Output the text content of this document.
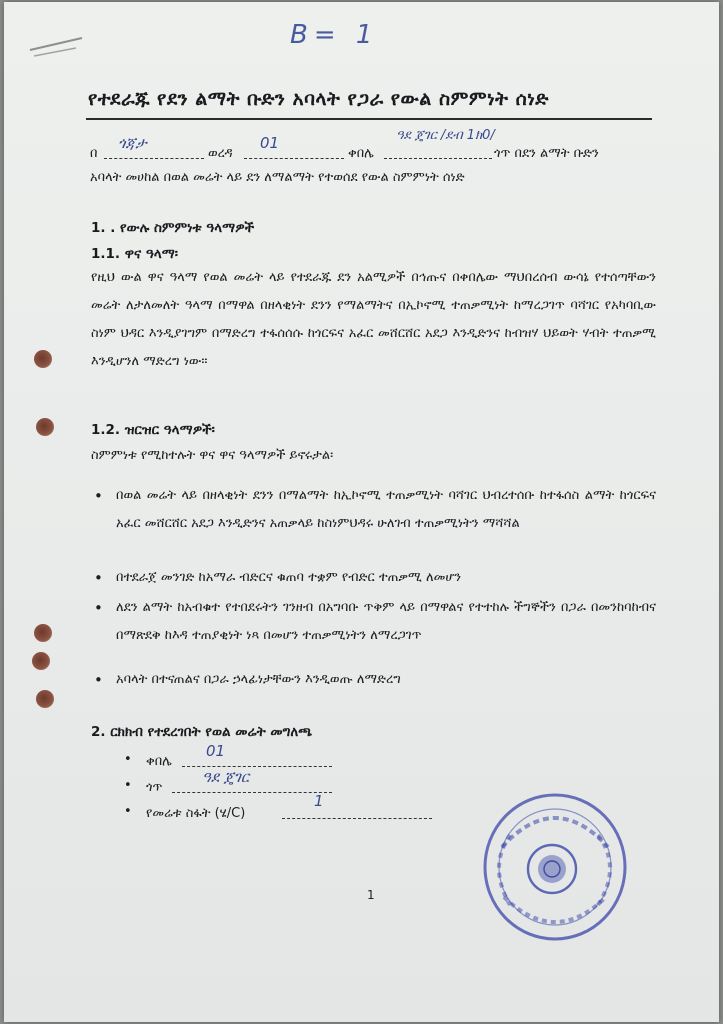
B= 1
የተደራጁ የደን ልማት ቡድን አባላት የጋራ የውል ስምምነት ሰነድ
በ
ጎጃታ
ወረዳ
01
ቀበሌ
ዓደ ጄገር /ደብ 1ክ0/
ጎጥ በደን ልማት ቡድን
አባላት መሀከል በወል መሬት ላይ ደን ለማልማት የተወሰደ የውል ስምምነት ሰነድ
1. . የውሉ ስምምነቱ ዓላማዎች
1.1. ዋና ዓላማ፡
የዚህ ውል ዋና ዓላማ የወል መሬት ላይ የተደራጁ ደን አልሚዎች በኅጡና በቀበሌው ማህበረሰብ ውሳኔ የተሰጣቸውን መሬት ለታለመለት ዓላማ በማዋል በዘላቂነት ደንን የማልማትና በኢኮኖሚ ተጠቃሚነት ከማረጋገጥ ባሻገር የአካባቢው ስነም ህዳር እንዲያገግም በማድረግ ተፋሰሰሱ ከጎርፍና አፈር መሸርሸር አደጋ እንዲድንና ከብዝሃ ህይወት ሃብት ተጠቃሚ እንዲሆንለ ማድረግ ነው፡፡
1.2. ዝርዝር ዓላማዎች፡
ስምምነቱ የሚከተሉት ዋና ዋና ዓላማዎች ይኖሩታል፡
• በወል መሬት ላይ በዘላቂነት ደንን በማልማት ከኢኮኖሚ ተጠቃሚነት ባሻገር ህብረተሰቡ ከተፋሰስ ልማት ከጎርፍና አፈር መሸርሸር አደጋ እንዲድንና አጠቃላይ ከስነምህዳሩ ሁለገብ ተጠቃሚነትን ማሻሻል
• በተደራጀ መንገድ ከአማራ ብድርና ቁጠባ ተቋም የብድር ተጠቃሚ ለመሆን
• ለደን ልማት ከአብቁተ የተበደሩትን ገንዘብ በአግባቡ ጥቅም ላይ በማዋልና የተተከሉ ችግኞችን በጋራ በመንከባከብና በማጽደቅ ከእዳ ተጠያቂነት ነጻ በመሆን ተጠቃሚነትን ለማረጋገጥ
• አባላት በተናጠልና በጋራ ኃላፊነታቸውን እንዲወጡ ለማድረግ
2. ርክክብ የተደረገበት የወል መሬት መግለጫ
• ቀበሌ
01
• ጎጥ
ዓደ ጄገር
• የመሬቱ ስፋት (ሄ/C)
1
1
